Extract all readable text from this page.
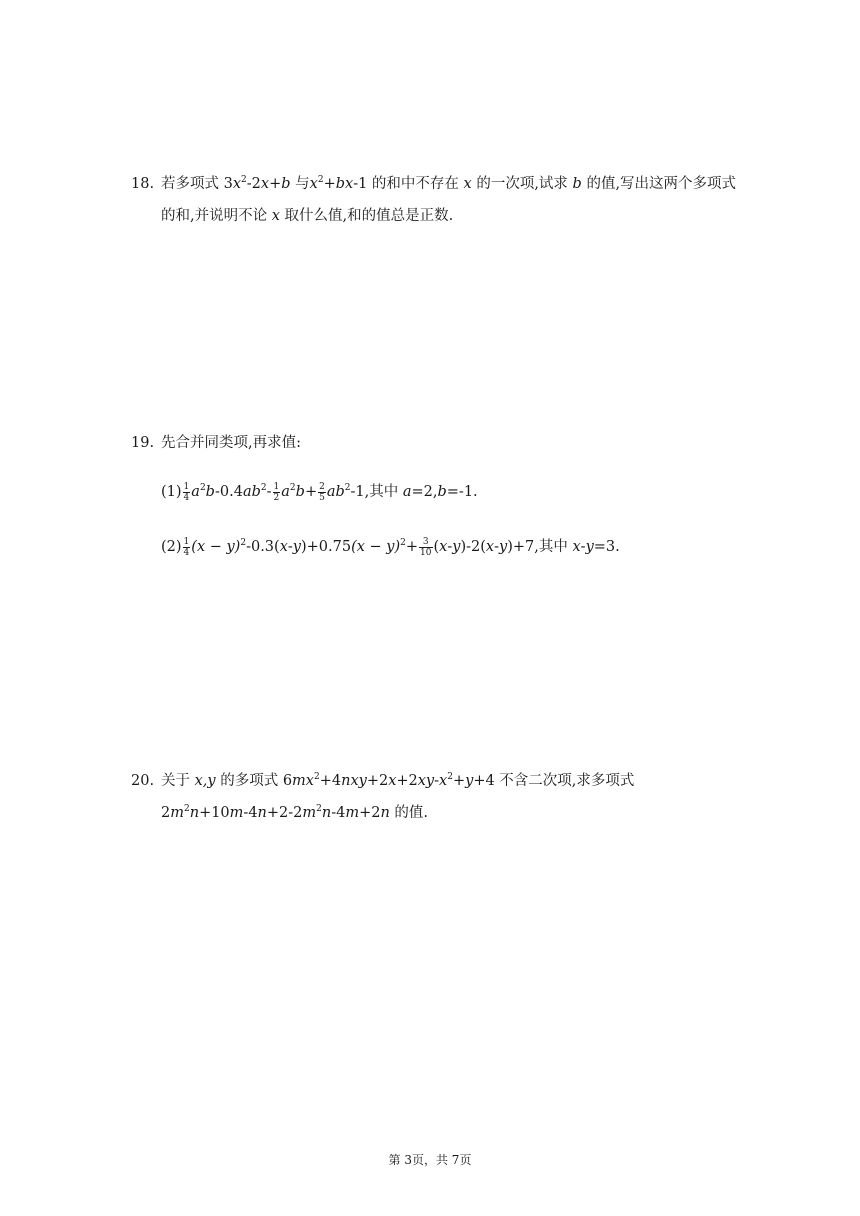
18. 若多项式 $3x^2-2x+b$ 与$x^2+bx-1$ 的和中不存在 x 的一次项,试求 b 的值,写出这两个多项式
的和,并说明不论 x 取什么值,和的值总是正数.
19. 先合并同类项,再求值:
$(1) \frac{1}{4} a^2b-0.4ab^2- \frac{1}{2} a^2b+ \frac{2}{5} ab^2-1$,其中 a=2,b=-1.
$(2) \frac{1}{4} (x - y)^2-0.3(x-y)+0.75(x - y)^2+ \frac{3}{10} (x-y)-2(x-y)+7$,其中 x-y=3.
20. 关于 x,y 的多项式 $6mx^2+4nxy+2x+2xy-x^2+y+4$ 不含二次项,求多项式
$2m^2n+10m-4n+2-2m^2n-4m+2n$ 的值.
第 3页，共 7页
